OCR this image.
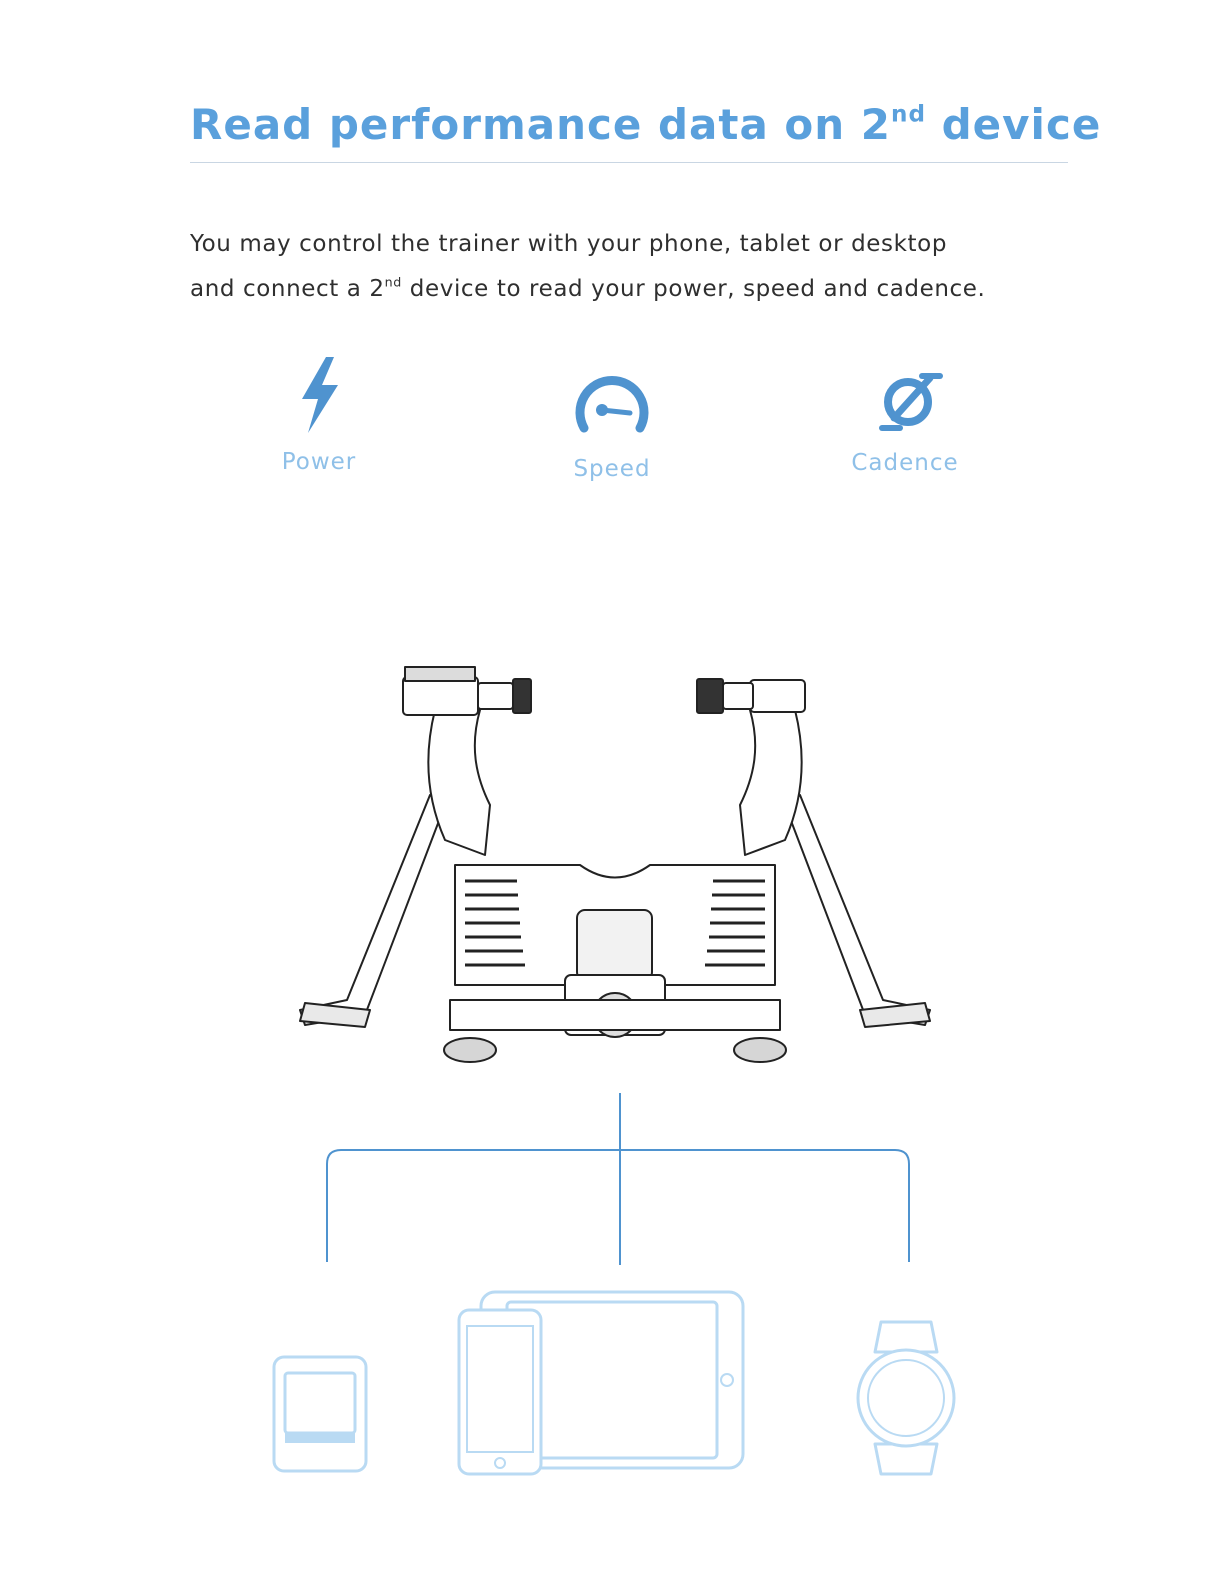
Read performance data on 2nd device

You may control the trainer with your phone, tablet or desktop
and connect a 2nd device to read your power, speed and cadence.

Power	Speed	Cadence
